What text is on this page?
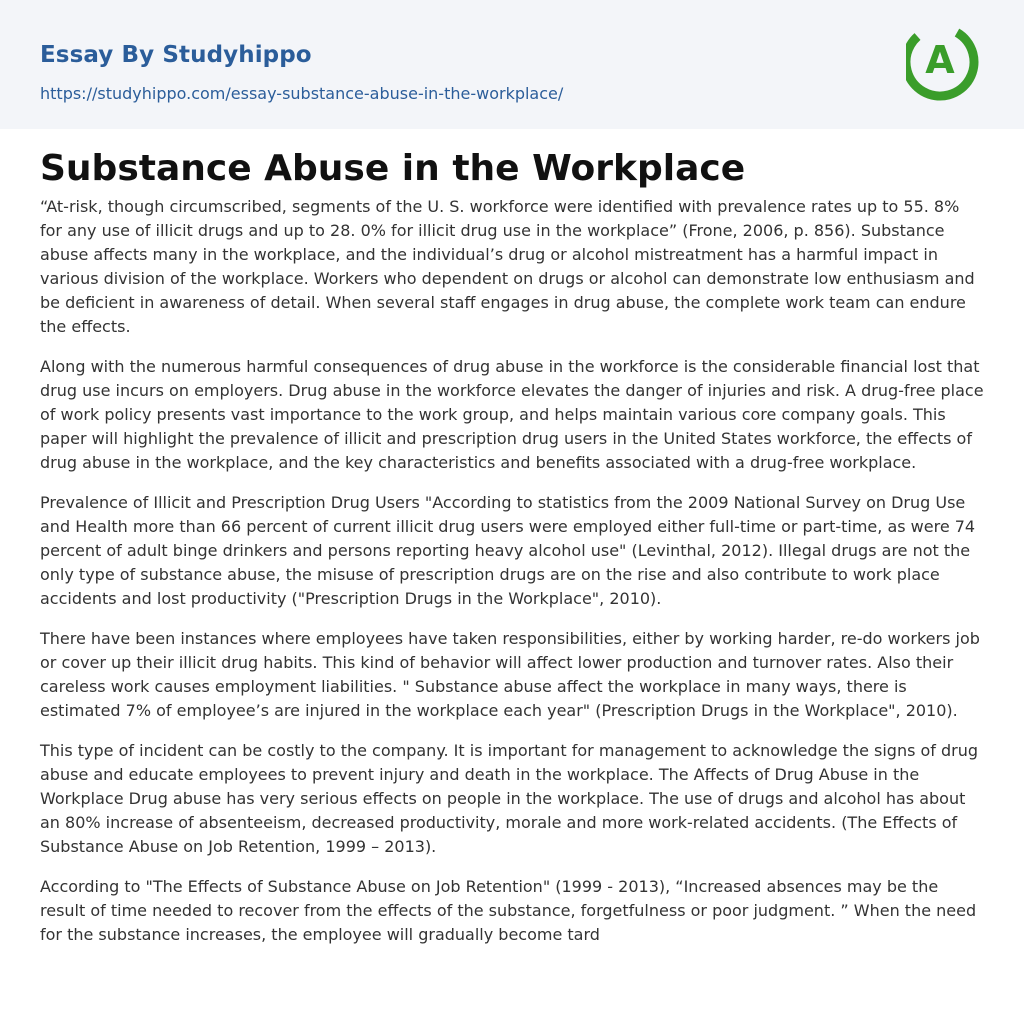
Essay By Studyhippo
https://studyhippo.com/essay-substance-abuse-in-the-workplace/
A
Substance Abuse in the Workplace

“At-risk, though circumscribed, segments of the U. S. workforce were identified with prevalence rates up to 55. 8% for any use of illicit drugs and up to 28. 0% for illicit drug use in the workplace” (Frone, 2006, p. 856). Substance abuse affects many in the workplace, and the individual’s drug or alcohol mistreatment has a harmful impact in various division of the workplace. Workers who dependent on drugs or alcohol can demonstrate low enthusiasm and be deficient in awareness of detail. When several staff engages in drug abuse, the complete work team can endure the effects.

Along with the numerous harmful consequences of drug abuse in the workforce is the considerable financial lost that drug use incurs on employers. Drug abuse in the workforce elevates the danger of injuries and risk. A drug-free place of work policy presents vast importance to the work group, and helps maintain various core company goals. This paper will highlight the prevalence of illicit and prescription drug users in the United States workforce, the effects of drug abuse in the workplace, and the key characteristics and benefits associated with a drug-free workplace.

Prevalence of Illicit and Prescription Drug Users "According to statistics from the 2009 National Survey on Drug Use and Health more than 66 percent of current illicit drug users were employed either full-time or part-time, as were 74 percent of adult binge drinkers and persons reporting heavy alcohol use" (Levinthal, 2012). Illegal drugs are not the only type of substance abuse, the misuse of prescription drugs are on the rise and also contribute to work place accidents and lost productivity ("Prescription Drugs in the Workplace", 2010).

There have been instances where employees have taken responsibilities, either by working harder, re-do workers job or cover up their illicit drug habits. This kind of behavior will affect lower production and turnover rates. Also their careless work causes employment liabilities. " Substance abuse affect the workplace in many ways, there is estimated 7% of employee’s are injured in the workplace each year" (Prescription Drugs in the Workplace", 2010).

This type of incident can be costly to the company. It is important for management to acknowledge the signs of drug abuse and educate employees to prevent injury and death in the workplace. The Affects of Drug Abuse in the Workplace Drug abuse has very serious effects on people in the workplace. The use of drugs and alcohol has about an 80% increase of absenteeism, decreased productivity, morale and more work-related accidents. (The Effects of Substance Abuse on Job Retention, 1999 – 2013).

According to "The Effects of Substance Abuse on Job Retention" (1999 - 2013), “Increased absences may be the result of time needed to recover from the effects of the substance, forgetfulness or poor judgment. ” When the need for the substance increases, the employee will gradually become tard
